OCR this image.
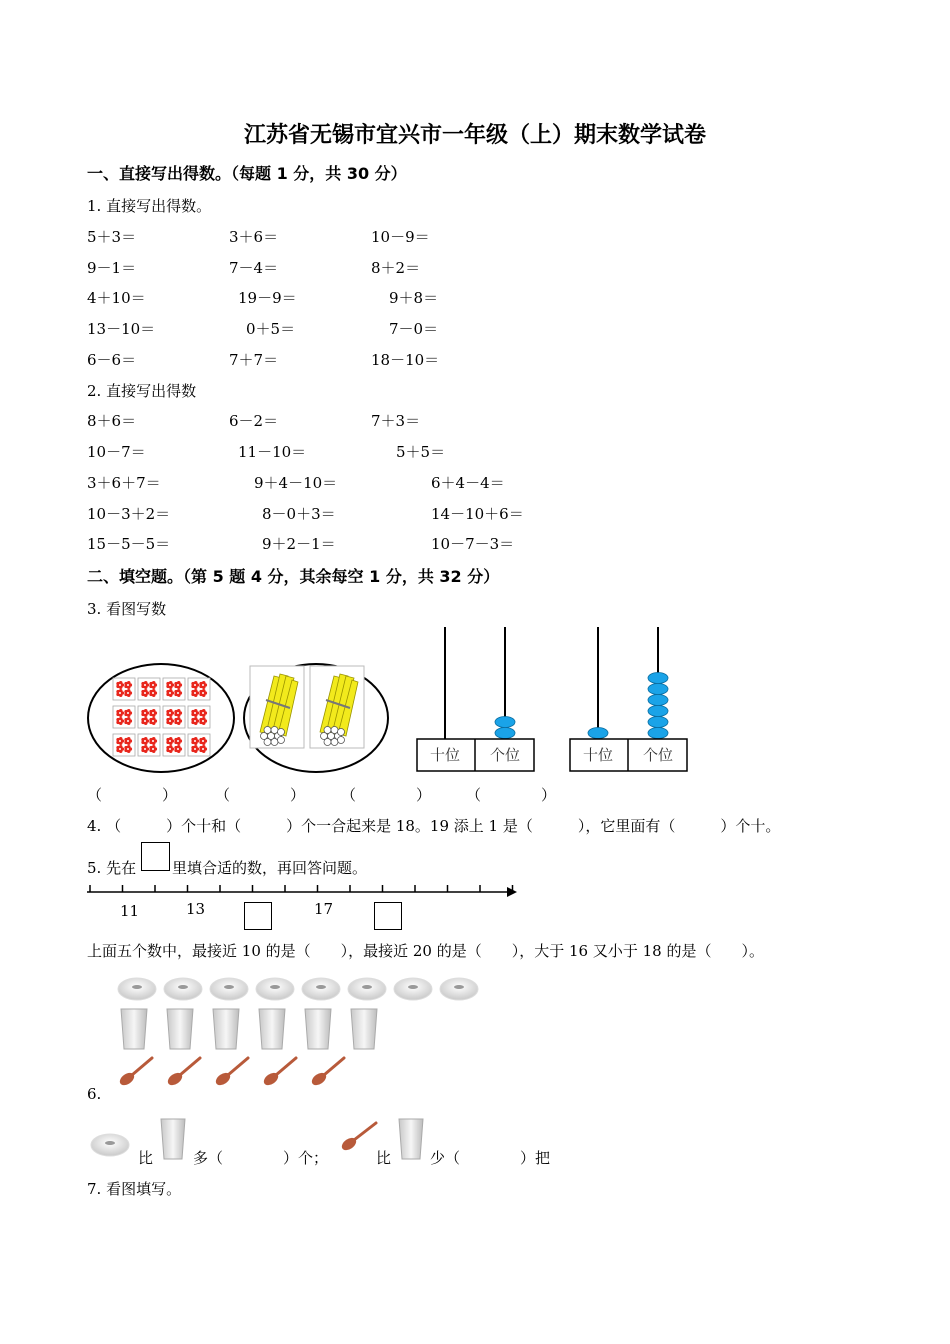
江苏省无锡市宜兴市一年级（上）期末数学试卷
一、直接写出得数。（每题 1 分，共 30 分）
1. 直接写出得数。
5＋3＝	3＋6＝	10－9＝
9－1＝	7－4＝	8＋2＝
4＋10＝	19－9＝	9＋8＝
13－10＝	0＋5＝	7－0＝
6－6＝	7＋7＝	18－10＝
2. 直接写出得数
8＋6＝	6－2＝	7＋3＝
10－7＝	11－10＝	5＋5＝
3＋6＋7＝	9＋4－10＝	6＋4－4＝
10－3＋2＝	8－0＋3＝	14－10＋6＝
15－5－5＝	9＋2－1＝	10－7－3＝
二、填空题。（第 5 题 4 分，其余每空 1 分，共 32 分）
3. 看图写数
十位 个位	十位 个位
（　　　　）	（　　　　） （　　　　） （　　　　）
4. （　　　）个十和（　　　）个一合起来是 18。19 添上 1 是（　　　），它里面有（　　　）个十。
5. 先在 里填合适的数，再回答问题。
11	13	17
上面五个数中，最接近 10 的是（　　），最接近 20 的是（　　），大于 16 又小于 18 的是（　　）。
6.
比	多（　　　　）个；	比	少（　　　　）把
7. 看图填写。
